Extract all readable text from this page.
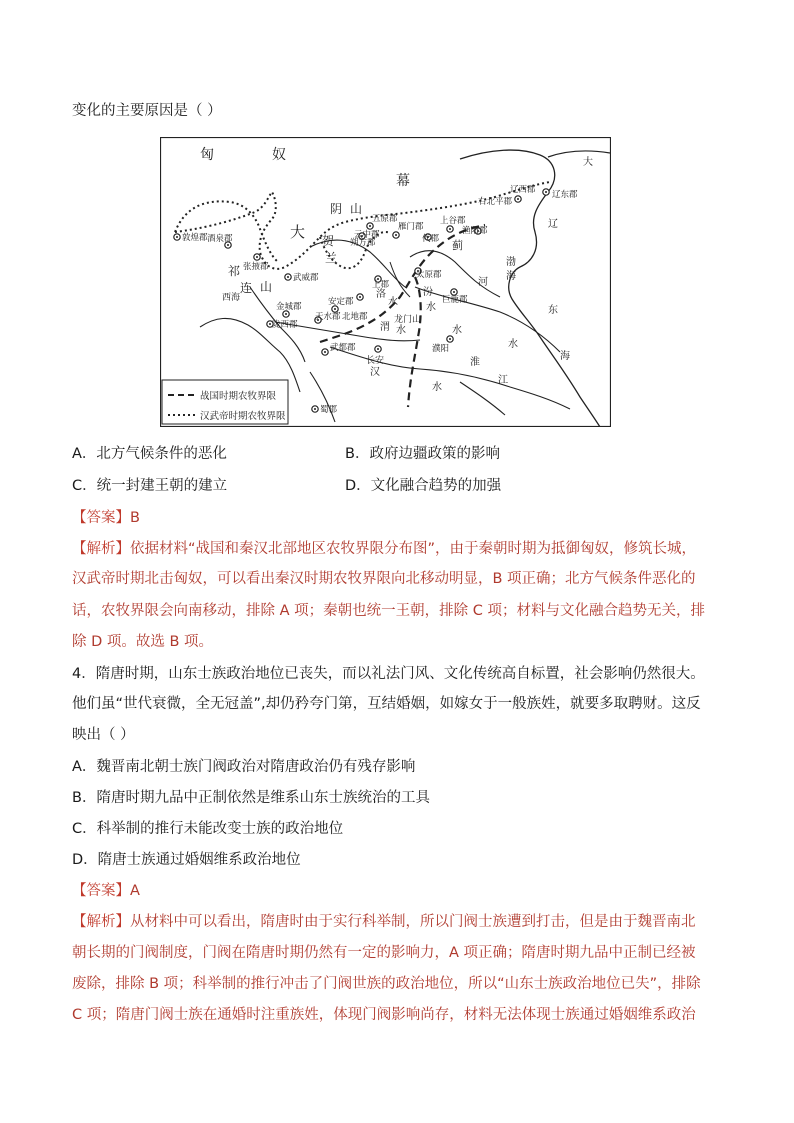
变化的主要原因是（ ）
匈	奴
幕
大
大
阴 山
贺
兰
祁
连 山
西海
敦煌郡 酒泉郡
张掖郡
武威郡
金城郡
陇西郡
天水郡 北地郡
安定郡
上郡
五原郡
朔方郡
云中郡
雁门郡
代郡
上谷郡
渔阳郡
右北平郡
辽西郡 辽东郡
太原郡
巨鹿郡
濮阳
长安
武都郡
蜀郡
龙门山
蓟
洛
水
汾
水
渭 水
河
水
汉
水
淮
水
江
渤
海
东
海
辽
战国时期农牧界限
汉武帝时期农牧界限
A．北方气候条件的恶化	B．政府边疆政策的影响
C．统一封建王朝的建立	D．文化融合趋势的加强
【答案】B
【解析】依据材料“战国和秦汉北部地区农牧界限分布图”，由于秦朝时期为抵御匈奴，修筑长城，
汉武帝时期北击匈奴，可以看出秦汉时期农牧界限向北移动明显，B 项正确；北方气候条件恶化的
话，农牧界限会向南移动，排除 A 项；秦朝也统一王朝，排除 C 项；材料与文化融合趋势无关，排
除 D 项。故选 B 项。
4．隋唐时期，山东士族政治地位已丧失，而以礼法门风、文化传统高自标置，社会影响仍然很大。
他们虽“世代衰微，全无冠盖”,却仍矜夸门第，互结婚姻，如嫁女于一般族姓，就要多取聘财。这反
映出（ ）
A．魏晋南北朝士族门阀政治对隋唐政治仍有残存影响
B．隋唐时期九品中正制依然是维系山东士族统治的工具
C．科举制的推行未能改变士族的政治地位
D．隋唐士族通过婚姻维系政治地位
【答案】A
【解析】从材料中可以看出，隋唐时由于实行科举制，所以门阀士族遭到打击，但是由于魏晋南北
朝长期的门阀制度，门阀在隋唐时期仍然有一定的影响力，A 项正确；隋唐时期九品中正制已经被
废除，排除 B 项；科举制的推行冲击了门阀世族的政治地位，所以“山东士族政治地位已失”，排除
C 项；隋唐门阀士族在通婚时注重族姓，体现门阀影响尚存，材料无法体现士族通过婚姻维系政治
